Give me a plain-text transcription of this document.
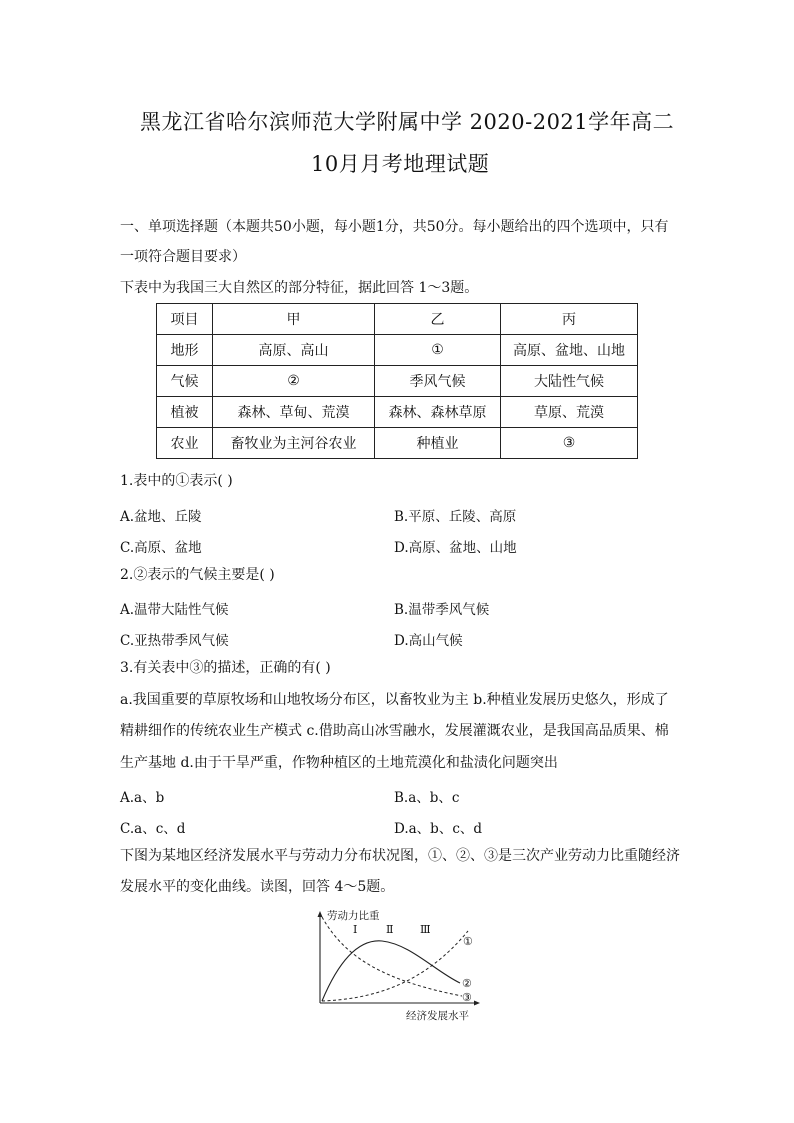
黑龙江省哈尔滨师范大学附属中学 2020-2021学年高二
10月月考地理试题
一、单项选择题（本题共50小题，每小题1分，共50分。每小题给出的四个选项中，只有
一项符合题目要求）
下表中为我国三大自然区的部分特征，据此回答 1～3题。
项目	甲	乙	丙
地形	高原、高山	①	高原、盆地、山地
气候	②	季风气候	大陆性气候
植被	森林、草甸、荒漠	森林、森林草原	草原、荒漠
农业	畜牧业为主河谷农业	种植业	③
1.表中的①表示( )
A.盆地、丘陵	B.平原、丘陵、高原
C.高原、盆地	D.高原、盆地、山地
2.②表示的气候主要是( )
A.温带大陆性气候	B.温带季风气候
C.亚热带季风气候	D.高山气候
3.有关表中③的描述，正确的有( )
a.我国重要的草原牧场和山地牧场分布区，以畜牧业为主 b.种植业发展历史悠久，形成了
精耕细作的传统农业生产模式 c.借助高山冰雪融水，发展灌溉农业，是我国高品质果、棉
生产基地 d.由于干旱严重，作物种植区的土地荒漠化和盐渍化问题突出
A.a、b	B.a、b、c
C.a、c、d	D.a、b、c、d
下图为某地区经济发展水平与劳动力分布状况图，①、②、③是三次产业劳动力比重随经济
发展水平的变化曲线。读图，回答 4～5题。
劳动力比重
经济发展水平
Ⅰ	Ⅱ Ⅲ
①
②
③
